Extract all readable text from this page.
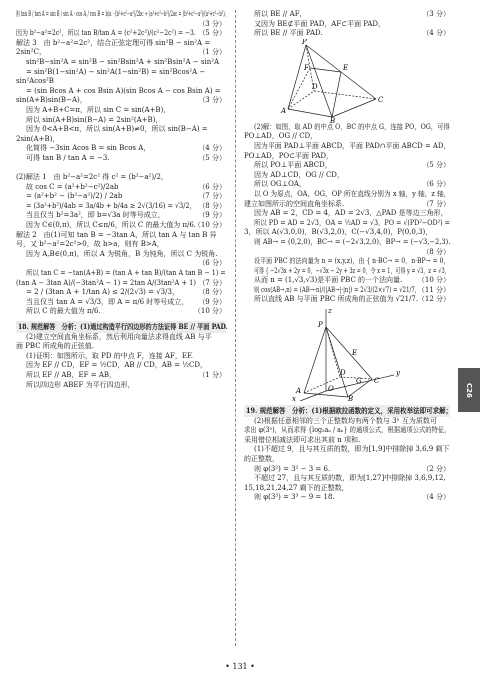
则 tan B / tan A = sin B / sin A · cos A / cos B = b/a · (b²+c²−a²)/2bc ÷ (a²+c²−b²)/2ac = (b²+c²−a²)/(a²+c²−b²),
（3 分）
因为 b²−a²=2c²，所以 tan B/tan A = (c²+2c²)/(c²−2c²) = −3. （5 分）
解法 3　由 b²−a²=2c²，结合正弦定理可得 sin²B − sin²A =
2sin²C，	（1 分）
sin²B−sin²A = sin²B − sin²Bsin²A + sin²Bsin²A − sin²A
= sin²B(1−sin²A) − sin²A(1−sin²B) = sin²Bcos²A −
sin²Acos²B
= (sin Bcos A + cos Bsin A)(sin Bcos A − cos Bsin A) =
sin(A+B)sin(B−A)，	（3 分）
因为 A+B+C=π，所以 sin C = sin(A+B)，
所以 sin(A+B)sin(B−A) = 2sin²(A+B)，
因为 0<A+B<π，所以 sin(A+B)≠0，所以 sin(B−A) =
2sin(A+B)，
化简得 −3sin Acos B = sin Bcos A，	（4 分）
可得 tan B / tan A = −3.	（5 分）
(2)解法 1　由 b²−a²=2c² 得 c² = (b²−a²)/2，
故 cos C = (a²+b²−c²)/2ab	（6 分）
= (a²+b² − (b²−a²)/2) / 2ab	（7 分）
= (3a²+b²)/4ab = 3a/4b + b/4a ≥ 2√(3/16) = √3/2， （8 分）
当且仅当 b²=3a²，即 b=√3a 时等号成立，	（9 分）
因为 C∈(0,π)，所以 C≤π/6，所以 C 的最大值为 π/6.
（10 分）
解法 2　由(1)可知 tan B = −3tan A，所以 tan A 与 tan B 异
号，又 b²−a²=2c²>0，故 b>a，则有 B>A，
因为 A,B∈(0,π)，所以 A 为锐角，B 为钝角，所以 C 为锐角.
（6 分）
所以 tan C = −tan(A+B) = (tan A + tan B)/(tan A tan B − 1) =
(tan A − 3tan A)/(−3tan²A − 1) = 2tan A/(3tan²A + 1) （7 分）
= 2 / (3tan A + 1/tan A) ≤ 2/(2√3) = √3/3，	（8 分）
当且仅当 tan A = √3/3，即 A = π/6 时等号成立， （9 分）
所以 C 的最大值为 π/6.	（10 分）
18. 规范解答　分析：(1)通过构造平行四边形的方法证得 BE // 平面 PAD.
(2)建立空间直角坐标系，然后利用向量法求得直线 AB 与平
面 PBC 所成角的正弦值.
(1)证明：如图所示，取 PD 的中点 F，连接 AF，EF.
因为 EF // CD，EF = ½CD，AB // CD，AB = ½CD，
所以 EF // AB，EF = AB，	（1 分）
所以四边形 ABEF 为平行四边形，
所以 BE // AF，	（3 分）
又因为 BE⊄平面 PAD，AF⊂平面 PAD，
所以 BE // 平面 PAD.	（4 分）
P
F	E
D
C
A
B
(2)解：如图，取 AD 的中点 O，BC 的中点 G，连接 PO，OG，可得
PO⊥AD，OG // CD，
因为平面 PAD⊥平面 ABCD，平面 PAD∩平面 ABCD = AD，
PO⊥AD，PO⊂平面 PAD，
所以 PO⊥平面 ABCD，	（5 分）
因为 AD⊥CD，OG // CD，
所以 OG⊥OA，	（6 分）
以 O 为原点，OA，OG，OP 所在直线分别为 x 轴，y 轴，z 轴，
建立如图所示的空间直角坐标系.	（7 分）
因为 AB = 2，CD = 4，AD = 2√3，△PAD 是等边三角形，
所以 PD = AD = 2√3，OA = ½AD = √3，PO = √(PD²−OD²) =
3，所以 A(√3,0,0)，B(√3,2,0)，C(−√3,4,0)，P(0,0,3)，
则 AB→ = (0,2,0)，BC→ = (−2√3,2,0)，BP→ = (−√3,−2,3).
（8 分）
设平面 PBC 的法向量为 n = (x,y,z)，由 { n·BC→ = 0，n·BP→ = 0，
可得 { −2√3x + 2y = 0，−√3x − 2y + 3z = 0，令 x = 1，可得 y = √3，z = √3，
从而 n = (1,√3,√3)是平面 PBC 的一个法向量. （10 分）
则 cos⟨AB→,n⟩ = (AB→·n)/(|AB→|·|n|) = 2√3/(2×√7) = √21/7，
（11 分）
所以直线 AB 与平面 PBC 所成角的正弦值为 √21/7. （12 分）
z
P
E
D
G C
y
A
B
x
O
19. 规范解答　分析：(1)根据欧拉函数的定义，采用枚举法即可求解；
(2)根据任意相邻的三个正整数均有两个数与 3ⁿ 互为质数可
求出 φ(3ⁿ)，从而求得 {log₃aₙ / aₙ} 的通项公式，根据通项公式的特征，
采用错位相减法即可求出其前 n 项和.
(1)不超过 9，且与其互质的数，即为[1,9]中排除掉 3,6,9 剩下
的正整数，
则 φ(3²) = 3² − 3 = 6.	（2 分）
不超过 27，且与其互质的数，即为[1,27]中排除掉 3,6,9,12,
15,18,21,24,27 剩下的正整数，
则 φ(3³) = 3³ − 9 = 18.	（4 分）
C26
• 131 •
